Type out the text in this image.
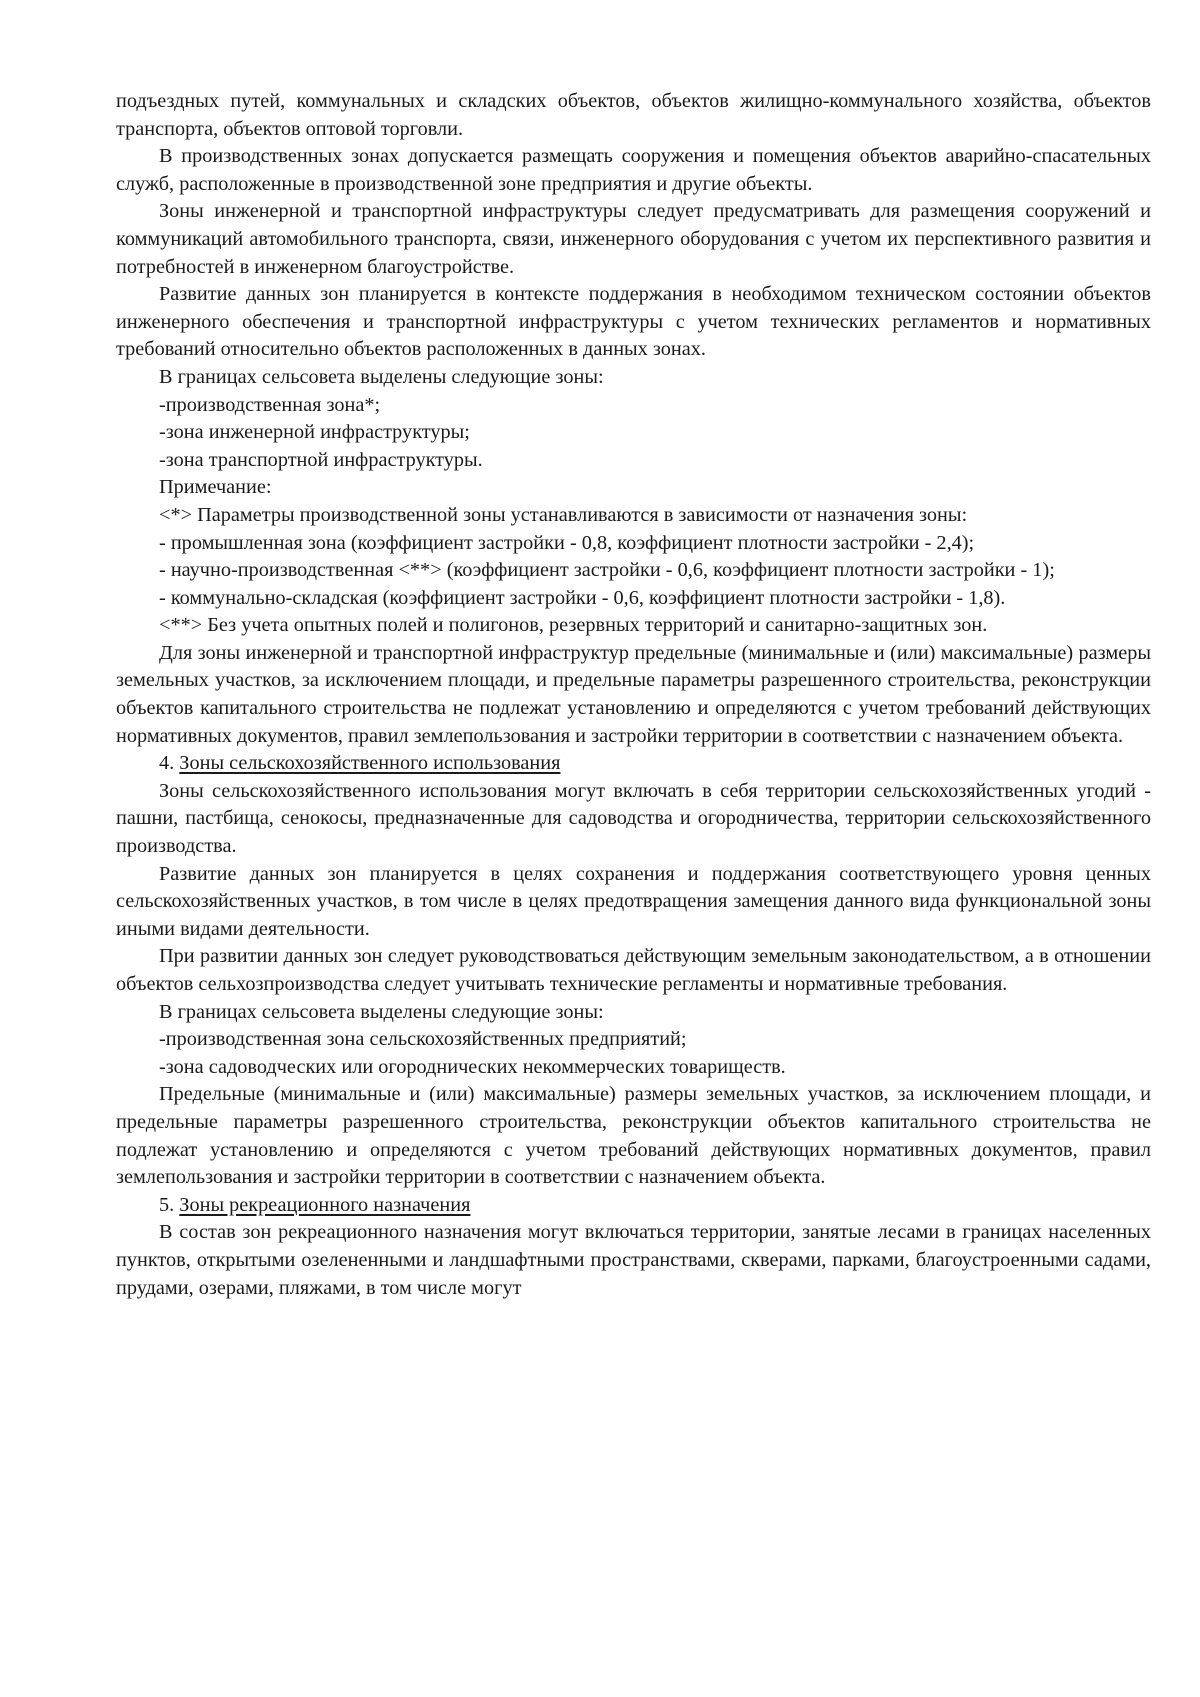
подъездных путей, коммунальных и складских объектов, объектов жилищно-коммунального хозяйства, объектов транспорта, объектов оптовой торговли.

В производственных зонах допускается размещать сооружения и помещения объектов аварийно-спасательных служб, расположенные в производственной зоне предприятия и другие объекты.

Зоны инженерной и транспортной инфраструктуры следует предусматривать для размещения сооружений и коммуникаций автомобильного транспорта, связи, инженерного оборудования с учетом их перспективного развития и потребностей в инженерном благоустройстве.

Развитие данных зон планируется в контексте поддержания в необходимом техническом состоянии объектов инженерного обеспечения и транспортной инфраструктуры с учетом технических регламентов и нормативных требований относительно объектов расположенных в данных зонах.

В границах сельсовета выделены следующие зоны:

-производственная зона*;

-зона инженерной инфраструктуры;

-зона транспортной инфраструктуры.

Примечание:

<*> Параметры производственной зоны устанавливаются в зависимости от назначения зоны:

- промышленная зона (коэффициент застройки - 0,8, коэффициент плотности застройки - 2,4);

- научно-производственная <**> (коэффициент застройки - 0,6, коэффициент плотности застройки - 1);

- коммунально-складская (коэффициент застройки - 0,6, коэффициент плотности застройки - 1,8).

<**> Без учета опытных полей и полигонов, резервных территорий и санитарно-защитных зон.

Для зоны инженерной и транспортной инфраструктур предельные (минимальные и (или) максимальные) размеры земельных участков, за исключением площади, и предельные параметры разрешенного строительства, реконструкции объектов капитального строительства не подлежат установлению и определяются с учетом требований действующих нормативных документов, правил землепользования и застройки территории в соответствии с назначением объекта.

4. Зоны сельскохозяйственного использования

Зоны сельскохозяйственного использования могут включать в себя территории сельскохозяйственных угодий - пашни, пастбища, сенокосы, предназначенные для садоводства и огородничества, территории сельскохозяйственного производства.

Развитие данных зон планируется в целях сохранения и поддержания соответствующего уровня ценных сельскохозяйственных участков, в том числе в целях предотвращения замещения данного вида функциональной зоны иными видами деятельности.

При развитии данных зон следует руководствоваться действующим земельным законодательством, а в отношении объектов сельхозпроизводства следует учитывать технические регламенты и нормативные требования.

В границах сельсовета выделены следующие зоны:

-производственная зона сельскохозяйственных предприятий;

-зона садоводческих или огороднических некоммерческих товариществ.

Предельные (минимальные и (или) максимальные) размеры земельных участков, за исключением площади, и предельные параметры разрешенного строительства, реконструкции объектов капитального строительства не подлежат установлению и определяются с учетом требований действующих нормативных документов, правил землепользования и застройки территории в соответствии с назначением объекта.

5. Зоны рекреационного назначения

В состав зон рекреационного назначения могут включаться территории, занятые лесами в границах населенных пунктов, открытыми озелененными и ландшафтными пространствами, скверами, парками, благоустроенными садами, прудами, озерами, пляжами, в том числе могут
